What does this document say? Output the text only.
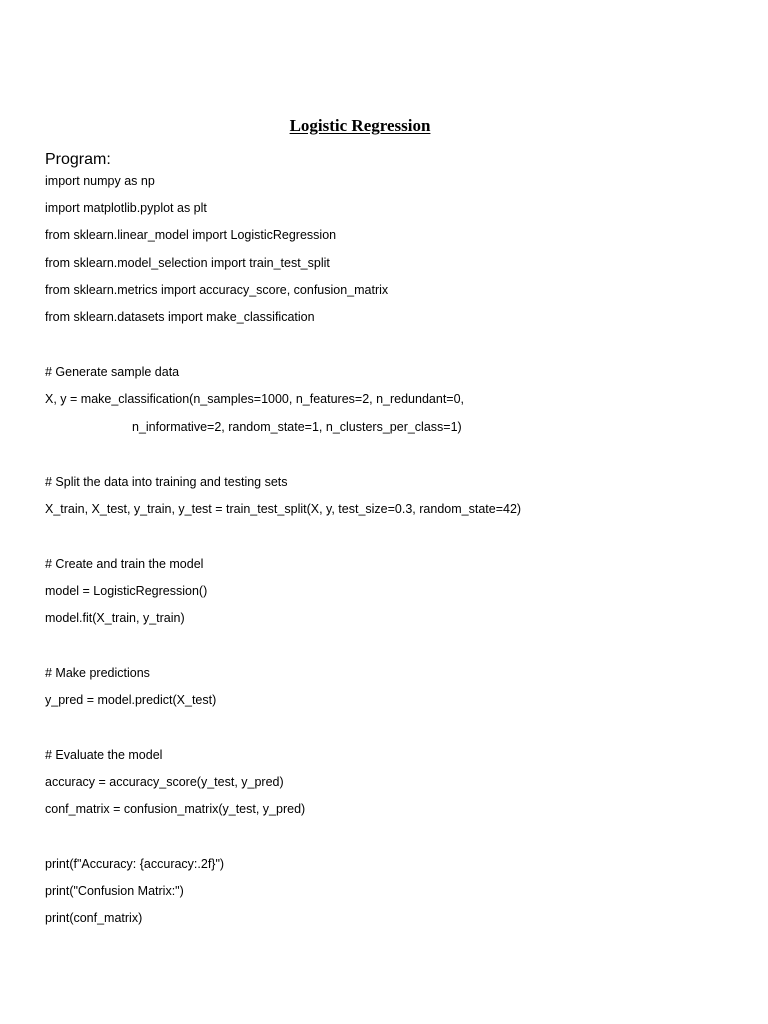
Logistic Regression
Program:
import numpy as np
import matplotlib.pyplot as plt
from sklearn.linear_model import LogisticRegression
from sklearn.model_selection import train_test_split
from sklearn.metrics import accuracy_score, confusion_matrix
from sklearn.datasets import make_classification
# Generate sample data
X, y = make_classification(n_samples=1000, n_features=2, n_redundant=0,
n_informative=2, random_state=1, n_clusters_per_class=1)
# Split the data into training and testing sets
X_train, X_test, y_train, y_test = train_test_split(X, y, test_size=0.3, random_state=42)
# Create and train the model
model = LogisticRegression()
model.fit(X_train, y_train)
# Make predictions
y_pred = model.predict(X_test)
# Evaluate the model
accuracy = accuracy_score(y_test, y_pred)
conf_matrix = confusion_matrix(y_test, y_pred)
print(f"Accuracy: {accuracy:.2f}")
print("Confusion Matrix:")
print(conf_matrix)
